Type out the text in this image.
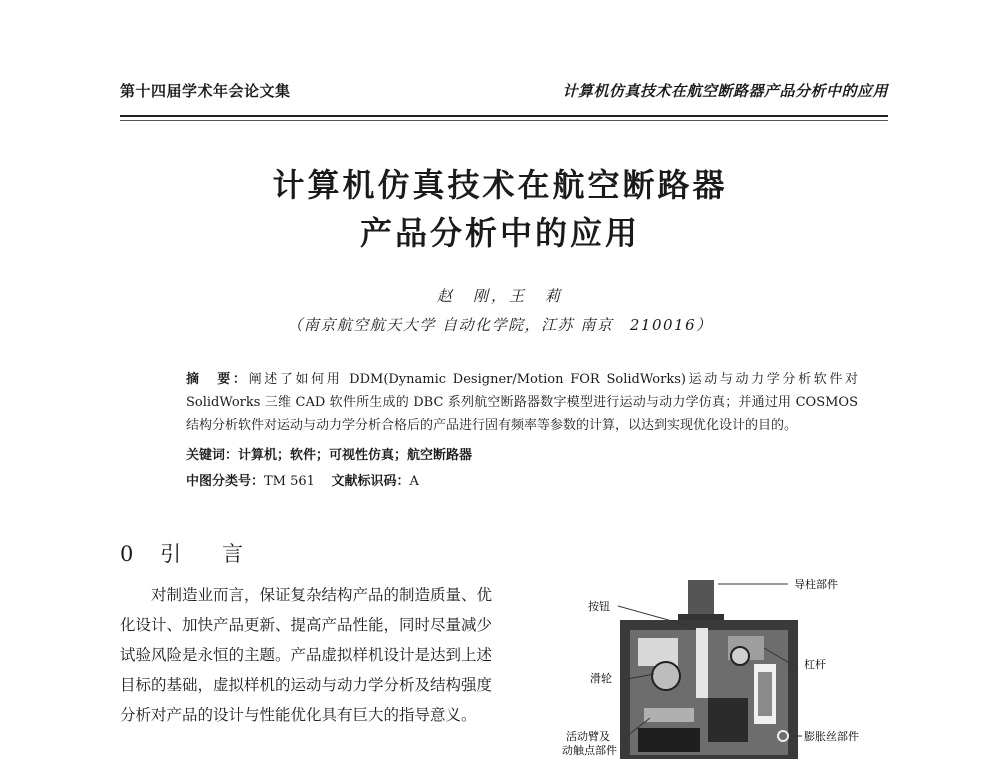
第十四届学术年会论文集	计算机仿真技术在航空断路器产品分析中的应用
计算机仿真技术在航空断路器
产品分析中的应用
赵　刚，王　莉
（南京航空航天大学 自动化学院，江苏 南京　210016）
摘　要：阐述了如何用 DDM(Dynamic Designer/Motion FOR SolidWorks)运动与动力学分析软件对 SolidWorks 三维 CAD 软件所生成的 DBC 系列航空断路器数字模型进行运动与动力学仿真；并通过用 COSMOS 结构分析软件对运动与动力学分析合格后的产品进行固有频率等参数的计算，以达到实现优化设计的目的。
关键词：计算机；软件；可视性仿真；航空断路器
中图分类号：TM 561 文献标识码：A
0 引　言
对制造业而言，保证复杂结构产品的制造质量、优化设计、加快产品更新、提高产品性能，同时尽量减少试验风险是永恒的主题。产品虚拟样机设计是达到上述目标的基础，虚拟样机的运动与动力学分析及结构强度分析对产品的设计与性能优化具有巨大的指导意义。
导柱部件
按钮
杠杆
滑轮
活动臂及
动触点部件
膨胀丝部件
